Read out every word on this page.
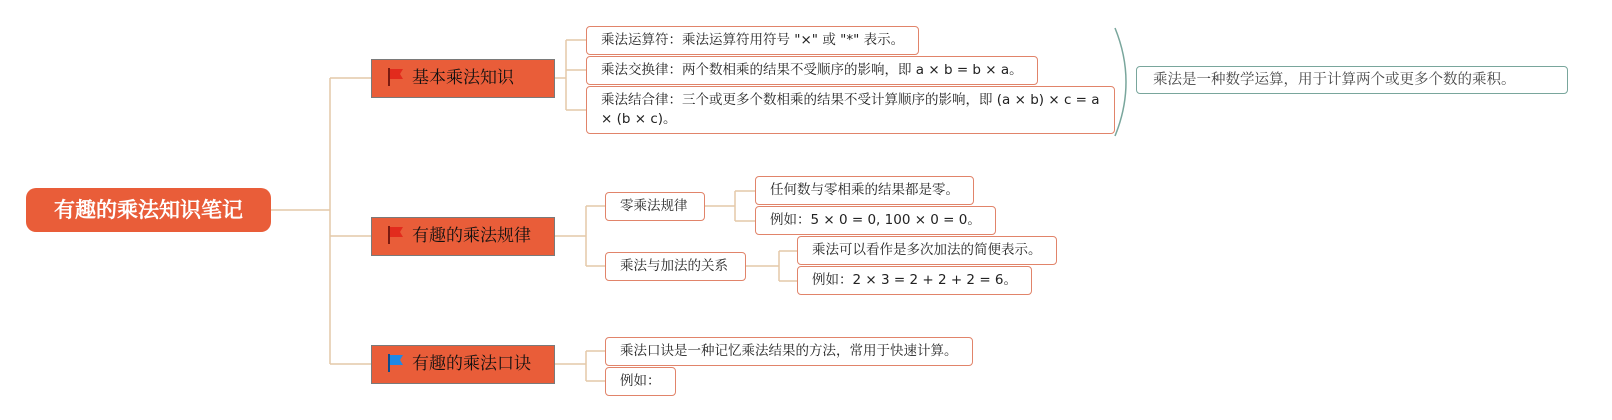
有趣的乘法知识笔记
基本乘法知识
乘法运算符：乘法运算符用符号 "×" 或 "*" 表示。
乘法交换律：两个数相乘的结果不受顺序的影响，即 a × b = b × a。
乘法结合律：三个或更多个数相乘的结果不受计算顺序的影响，即 (a × b) × c = a × (b × c)。
乘法是一种数学运算，用于计算两个或更多个数的乘积。
有趣的乘法规律
零乘法规律
任何数与零相乘的结果都是零。
例如：5 × 0 = 0, 100 × 0 = 0。
乘法与加法的关系
乘法可以看作是多次加法的简便表示。
例如：2 × 3 = 2 + 2 + 2 = 6。
有趣的乘法口诀
乘法口诀是一种记忆乘法结果的方法，常用于快速计算。
例如：
